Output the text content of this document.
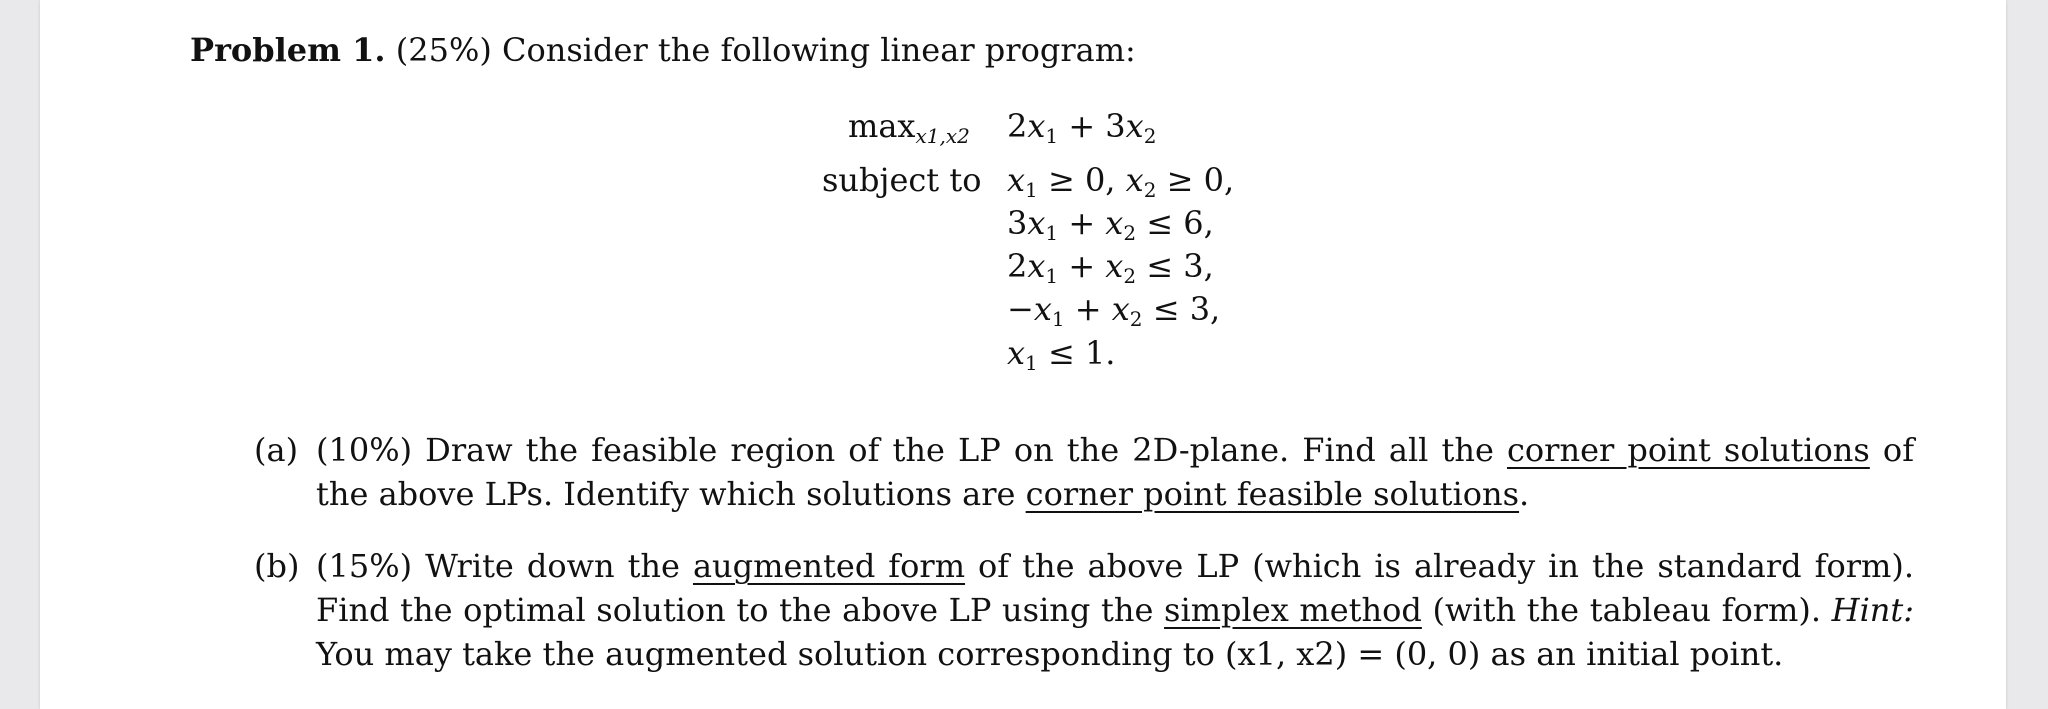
Problem 1. (25%) Consider the following linear program:
$\max_{x1,x2}$
subject to
$2x_1 + 3x_2$
$x_1 \ge 0$, $x_2 \ge 0$,
$3x_1 + x_2 \le 6$,
$2x_1 + x_2 \le 3$,
$-x_1 + x_2 \le 3$,
$x_1 \le 1$.
(a) (10%) Draw the feasible region of the LP on the 2D-plane. Find all the corner point solutions of the above LPs. Identify which solutions are corner point feasible solutions.
(b) (15%) Write down the augmented form of the above LP (which is already in the standard form). Find the optimal solution to the above LP using the simplex method (with the tableau form). Hint: You may take the augmented solution corresponding to (x1, x2) = (0, 0) as an initial point.
